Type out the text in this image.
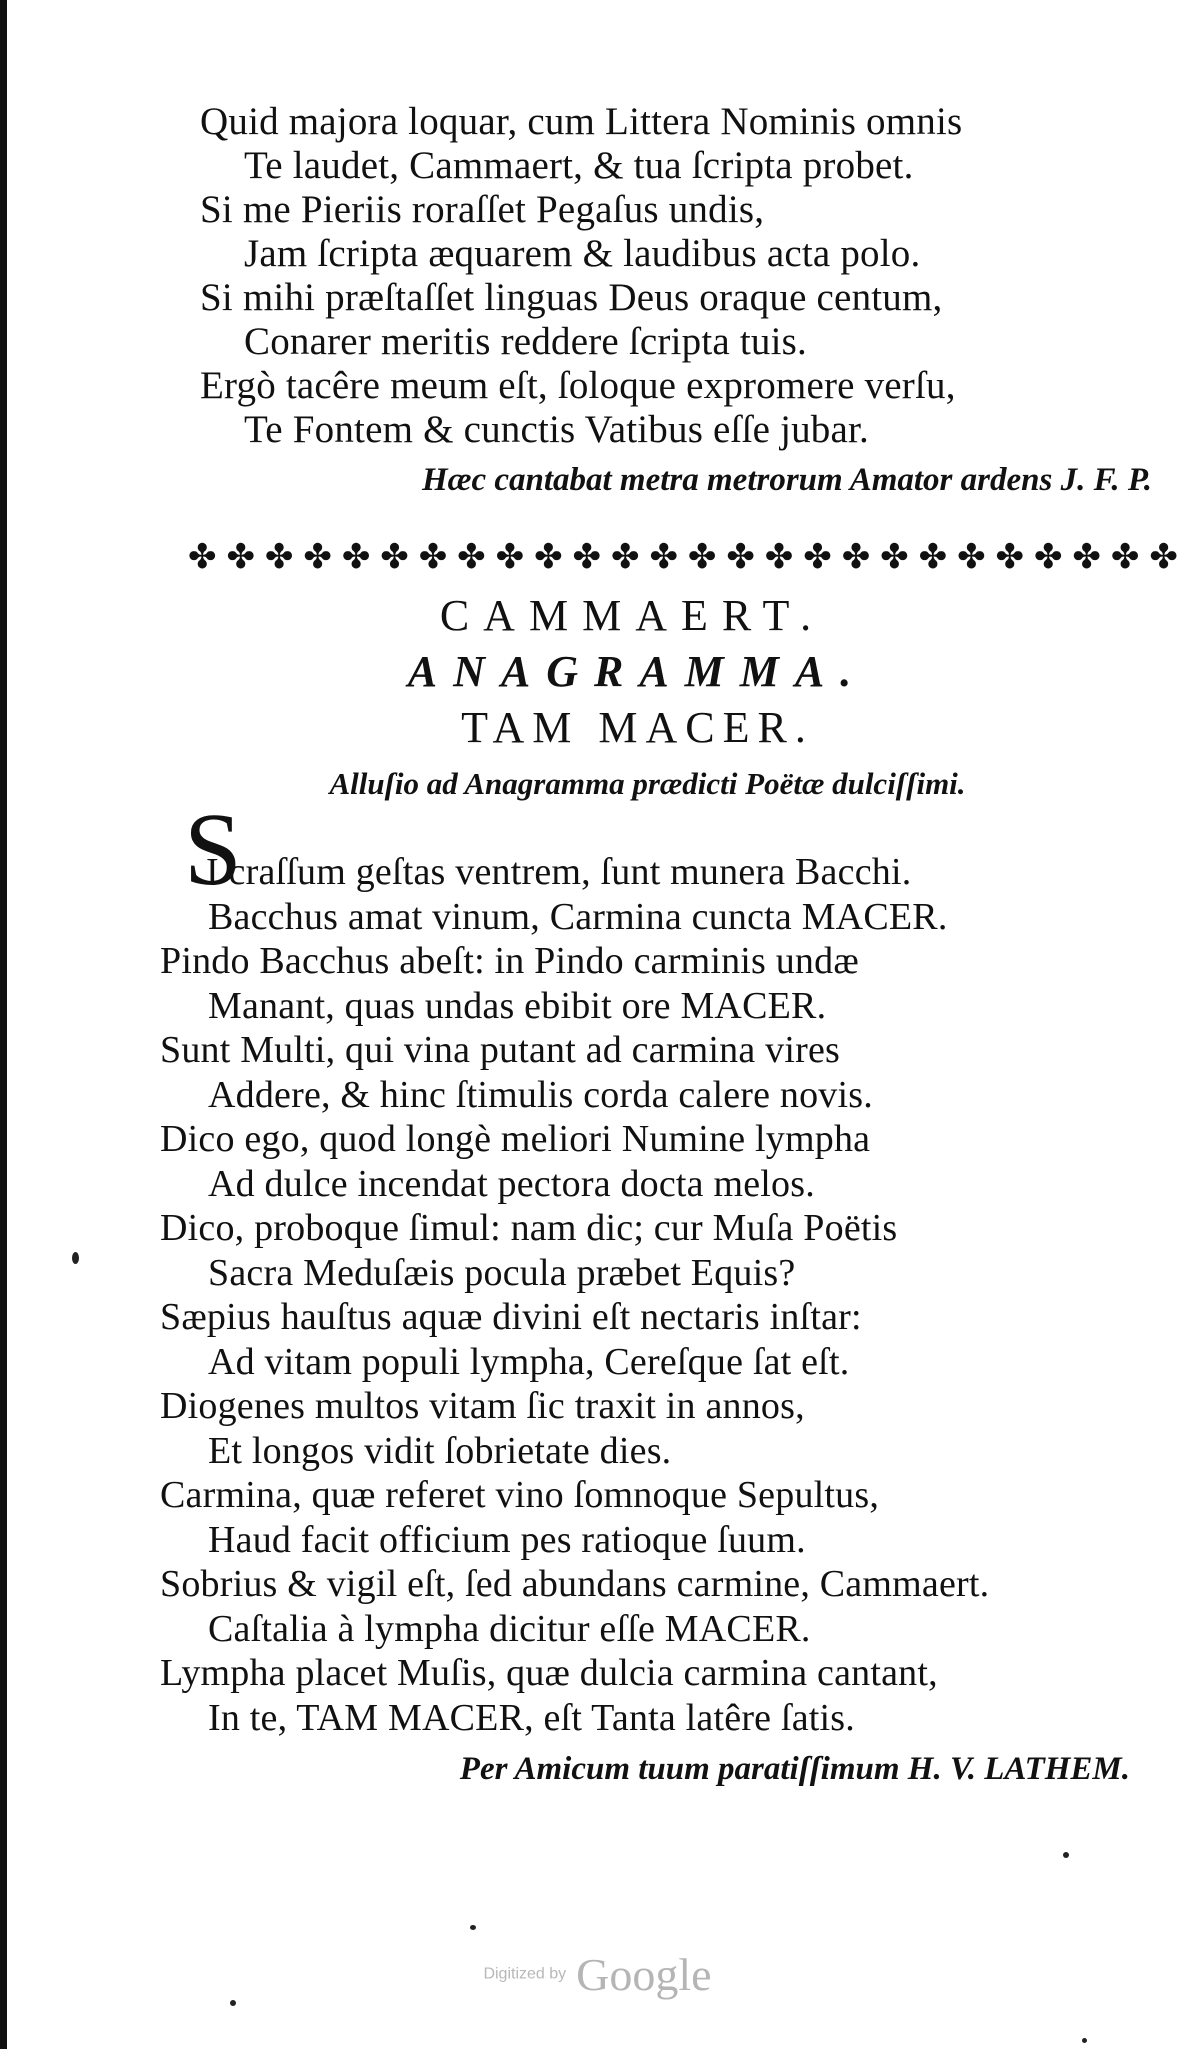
Quid majora loquar, cum Littera Nominis omnis
Te laudet, Cammaert, & tua ſcripta probet.
Si me Pieriis roraſſet Pegaſus undis,
Jam ſcripta æquarem & laudibus acta polo.
Si mihi præſtaſſet linguas Deus oraque centum,
Conarer meritis reddere ſcripta tuis.
Ergò tacêre meum eſt, ſoloque expromere verſu,
Te Fontem & cunctis Vatibus eſſe jubar.
Hæc cantabat metra metrorum Amator ardens J. F. P.
✤ ✤ ✤ ✤ ✤ ✤ ✤ ✤ ✤ ✤ ✤ ✤ ✤ ✤ ✤ ✤ ✤ ✤ ✤ ✤ ✤ ✤ ✤ ✤ ✤ ✤
CAMMAERT.
ANAGRAMMA.
TAM MACER.
Alluſio ad Anagramma prædicti Poëtæ dulciſſimi.
S
I craſſum geſtas ventrem, ſunt munera Bacchi.
Bacchus amat vinum, Carmina cuncta MACER.
Pindo Bacchus abeſt: in Pindo carminis undæ
Manant, quas undas ebibit ore MACER.
Sunt Multi, qui vina putant ad carmina vires
Addere, & hinc ſtimulis corda calere novis.
Dico ego, quod longè meliori Numine lympha
Ad dulce incendat pectora docta melos.
Dico, proboque ſimul: nam dic; cur Muſa Poëtis
Sacra Meduſæis pocula præbet Equis?
Sæpius hauſtus aquæ divini eſt nectaris inſtar:
Ad vitam populi lympha, Cereſque ſat eſt.
Diogenes multos vitam ſic traxit in annos,
Et longos vidit ſobrietate dies.
Carmina, quæ referet vino ſomnoque Sepultus,
Haud facit officium pes ratioque ſuum.
Sobrius & vigil eſt, ſed abundans carmine, Cammaert.
Caſtalia à lympha dicitur eſſe MACER.
Lympha placet Muſis, quæ dulcia carmina cantant,
In te, TAM MACER, eſt Tanta latêre ſatis.
Per Amicum tuum paratiſſimum H. V. LATHEM.
Digitized by Google
